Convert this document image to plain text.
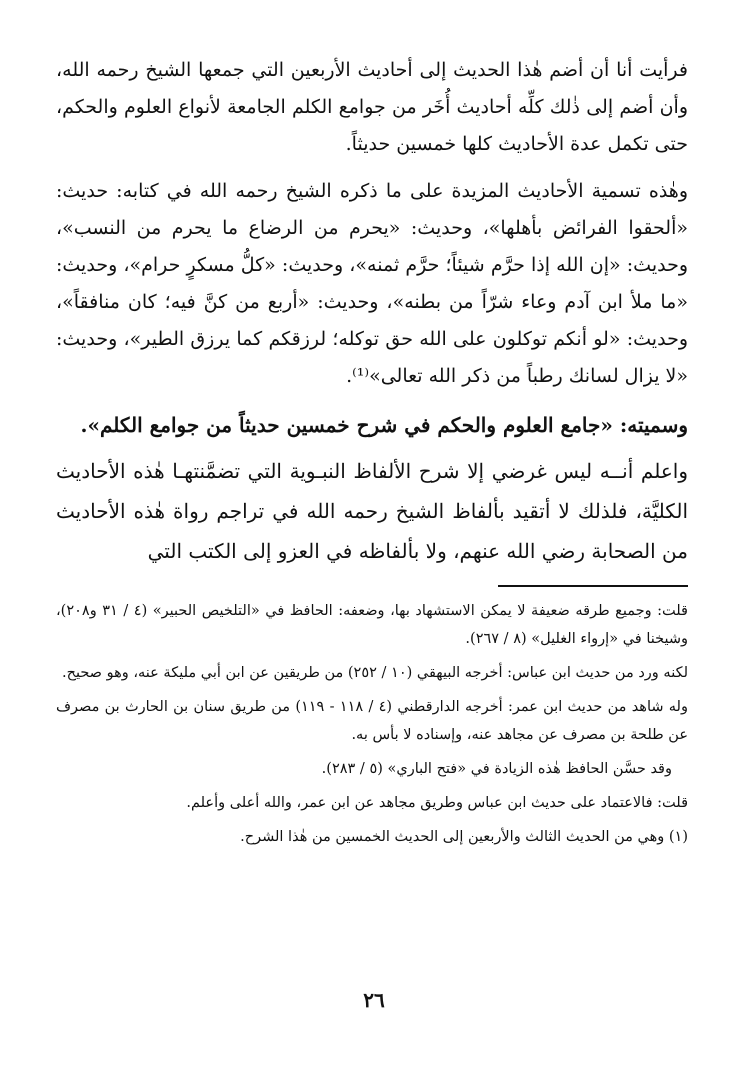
فرأيت أنا أن أضم هٰذا الحديث إلى أحاديث الأربعين التي جمعها الشيخ رحمه الله، وأن أضم إلى ذٰلك كلِّه أحاديث أُخَر من جوامع الكلم الجامعة لأنواع العلوم والحكم، حتى تكمل عدة الأحاديث كلها خمسين حديثاً.

وهٰذه تسمية الأحاديث المزيدة على ما ذكره الشيخ رحمه الله في كتابه: حديث: «ألحقوا الفرائض بأهلها»، وحديث: «يحرم من الرضاع ما يحرم من النسب»، وحديث: «إن الله إذا حرَّم شيئاً؛ حرَّم ثمنه»، وحديث: «كلُّ مسكرٍ حرام»، وحديث: «ما ملأ ابن آدم وعاء شرّاً من بطنه»، وحديث: «أربع من كنَّ فيه؛ كان منافقاً»، وحديث: «لو أنكم توكلون على الله حق توكله؛ لرزقكم كما يرزق الطير»، وحديث: «لا يزال لسانك رطباً من ذكر الله تعالى»⁽¹⁾.

وسميته: «جامع العلوم والحكم في شرح خمسين حديثاً من جوامع الكلم».

واعلم أنــه ليس غرضي إلا شرح الألفاظ النبـوية التي تضمَّنتهـا هٰذه الأحاديث الكليَّة، فلذلك لا أتقيد بألفاظ الشيخ رحمه الله في تراجم رواة هٰذه الأحاديث من الصحابة رضي الله عنهم، ولا بألفاظه في العزو إلى الكتب التي

قلت: وجميع طرقه ضعيفة لا يمكن الاستشهاد بها، وضعفه: الحافظ في «التلخيص الحبير» (٤ / ٣١ و٢٠٨)، وشيخنا في «إرواء الغليل» (٨ / ٢٦٧).

لكنه ورد من حديث ابن عباس: أخرجه البيهقي (١٠ / ٢٥٢) من طريقين عن ابن أبي مليكة عنه، وهو صحيح.

وله شاهد من حديث ابن عمر: أخرجه الدارقطني (٤ / ١١٨ - ١١٩) من طريق سنان بن الحارث بن مصرف عن طلحة بن مصرف عن مجاهد عنه، وإسناده لا بأس به.

وقد حسَّن الحافظ هٰذه الزيادة في «فتح الباري» (٥ / ٢٨٣).

قلت: فالاعتماد على حديث ابن عباس وطريق مجاهد عن ابن عمر، والله أعلى وأعلم.

(١) وهي من الحديث الثالث والأربعين إلى الحديث الخمسين من هٰذا الشرح.

٢٦
